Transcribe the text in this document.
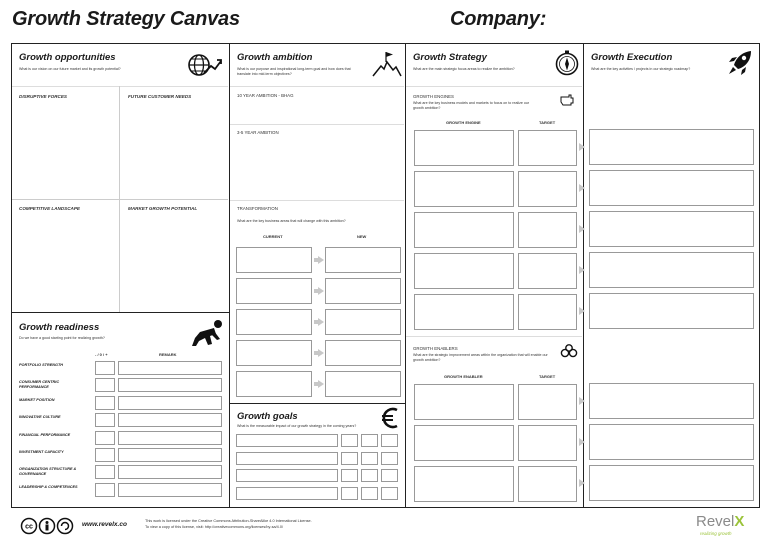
Growth Strategy Canvas	Company:
Growth opportunities
What is our vision on our future market and its growth potential?
DISRUPTIVE FORCES	FUTURE CUSTOMER NEEDS
COMPETITIVE LANDSCAPE	MARKET GROWTH POTENTIAL
Growth readiness
Do we have a good starting point for realizing growth?
- / 0 / +	REMARK
PORTFOLIO STRENGTH
CONSUMER CENTRIC PERFORMANCE
MARKET POSITION
INNOVATIVE CULTURE
FINANCIAL PERFORMANCE
INVESTMENT CAPACITY
ORGANIZATION STRUCTURE & GOVERNANCE
LEADERSHIP & COMPETENCES
Growth ambition
What is our purpose and inspirational long-term goal and how does that translate into mid-term objectives?
10 YEAR AMBITION - BHAG
3-5 YEAR AMBITION
TRANSFORMATION
What are the key business areas that will change with this ambition?
CURRENT	NEW
Growth goals
What is the measurable impact of our growth strategy in the coming years?
Growth Strategy
What are the main strategic focus areas to realize the ambition?
GROWTH ENGINES
What are the key business models and markets to focus on to realize our growth ambition?
GROWTH ENGINE	TARGET
GROWTH ENABLERS
What are the strategic improvement areas within the organization that will enable our growth ambition?
GROWTH ENABLER	TARGET
Growth Execution
What are the key activities / projects in our strategic roadmap?
cc	www.revelx.co	This work is licensed under the Creative Commons Attribution-ShareAlike 4.0 International License.
To view a copy of this license, visit: http://creativecommons.org/licenses/by-sa/4.0/	RevelX
realizing growth
